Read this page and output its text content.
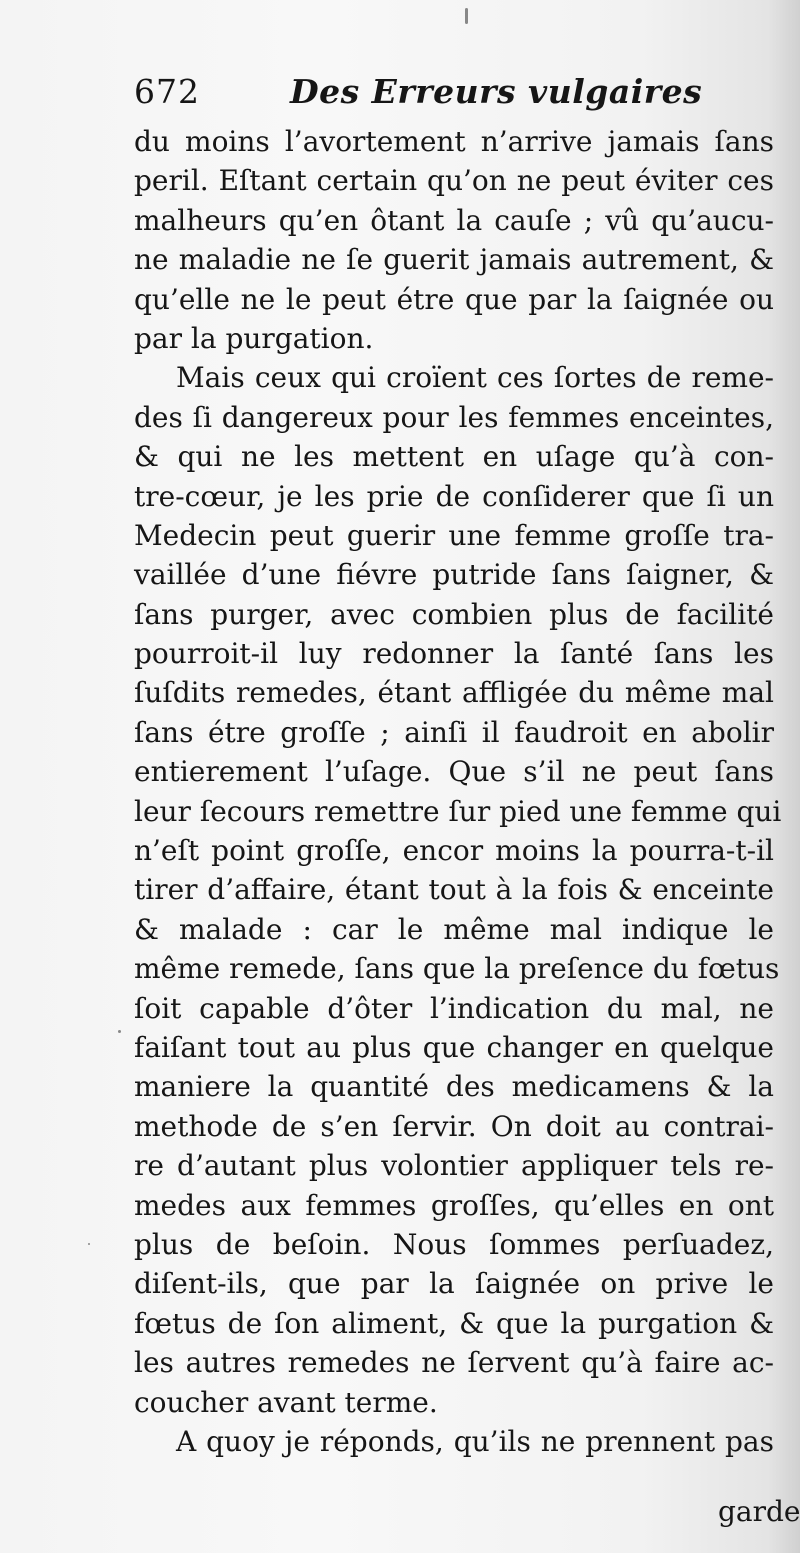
672	Des Erreurs vulgaires
du moins l’avortement n’arrive jamais ſans
peril. Eſtant certain qu’on ne peut éviter ces
malheurs qu’en ôtant la cauſe ; vû qu’aucu-
ne maladie ne ſe guerit jamais autrement, &
qu’elle ne le peut étre que par la ſaignée ou
par la purgation.
Mais ceux qui croïent ces ſortes de reme-
des ſi dangereux pour les femmes enceintes,
& qui ne les mettent en uſage qu’à con-
tre-cœur, je les prie de conſiderer que ſi un
Medecin peut guerir une femme groſſe tra-
vaillée d’une fiévre putride ſans ſaigner, &
ſans purger, avec combien plus de facilité
pourroit-il luy redonner la ſanté ſans les
ſuſdits remedes, étant affligée du même mal
ſans étre groſſe ; ainſi il faudroit en abolir
entierement l’uſage. Que s’il ne peut ſans
leur ſecours remettre ſur pied une femme qui
n’eſt point groſſe, encor moins la pourra-t-il
tirer d’affaire, étant tout à la fois & enceinte
& malade : car le même mal indique le
même remede, ſans que la preſence du fœtus
ſoit capable d’ôter l’indication du mal, ne
faiſant tout au plus que changer en quelque
maniere la quantité des medicamens & la
methode de s’en ſervir. On doit au contrai-
re d’autant plus volontier appliquer tels re-
medes aux femmes groſſes, qu’elles en ont
plus de beſoin. Nous ſommes perſuadez,
diſent-ils, que par la ſaignée on prive le
fœtus de ſon aliment, & que la purgation &
les autres remedes ne ſervent qu’à faire ac-
coucher avant terme.
A quoy je réponds, qu’ils ne prennent pas
garde
